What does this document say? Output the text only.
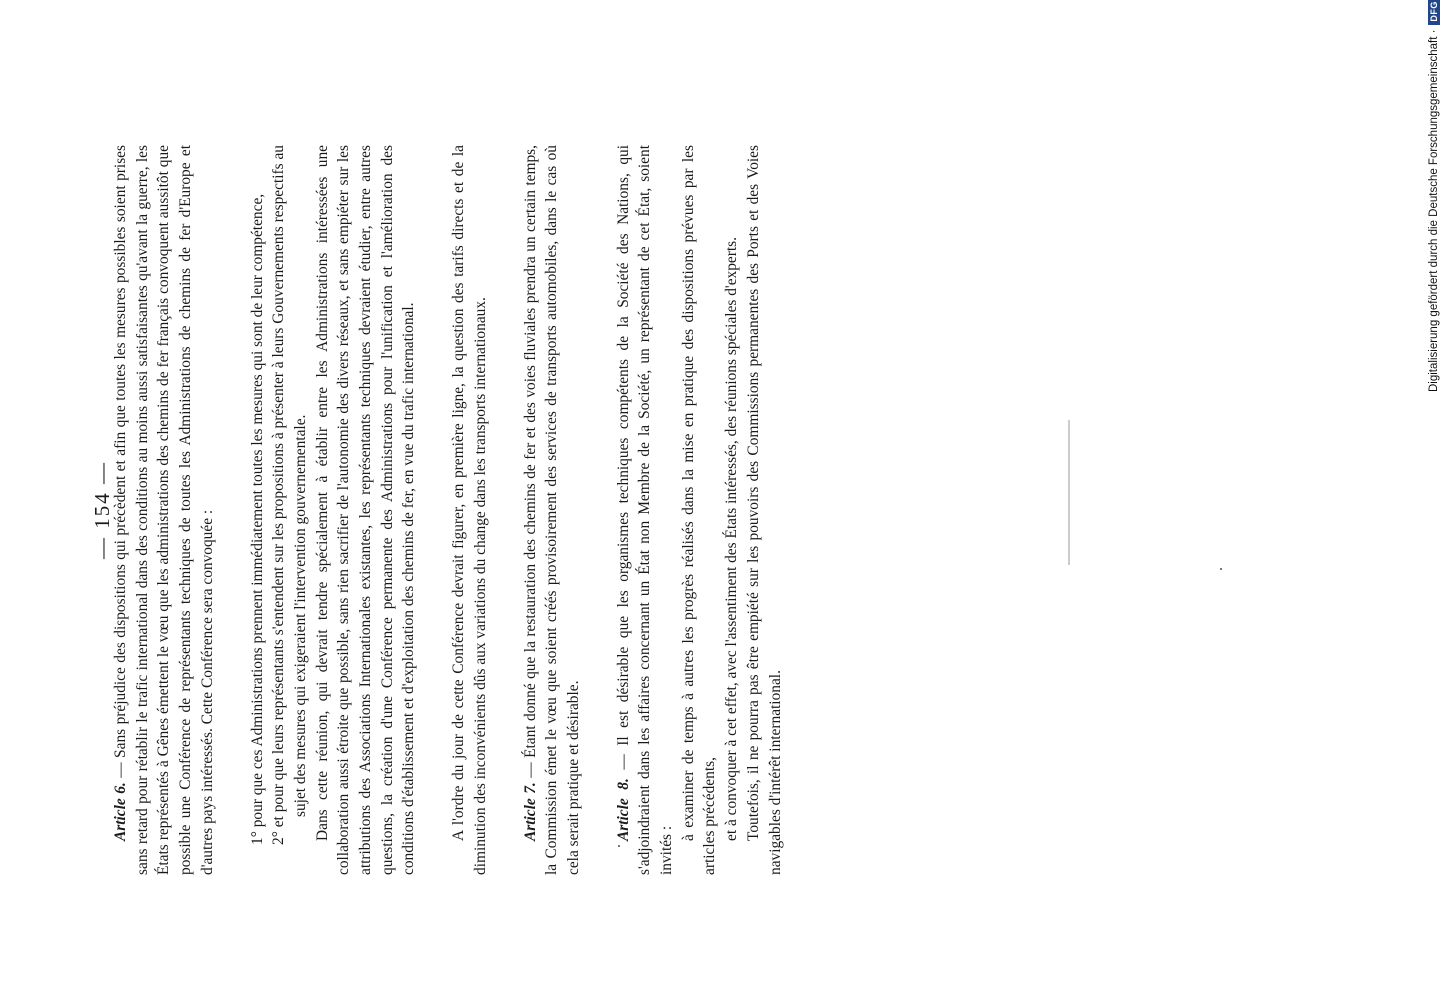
— 154 —

Article 6. — Sans préjudice des dispositions qui précèdent et afin que toutes les mesures possibles soient prises sans retard pour rétablir le trafic international dans des conditions au moins aussi satisfaisantes qu'avant la guerre, les États représentés à Gênes émettent le vœu que les administrations des chemins de fer français convoquent aussitôt que possible une Conférence de représentants techniques de toutes les Administrations de chemins de fer d'Europe et d'autres pays intéressés. Cette Conférence sera convoquée : 1° pour que ces Administrations prennent immédiatement toutes les mesures qui sont de leur compétence, 2° et pour que leurs représentants s'entendent sur les propositions à présenter à leurs Gouvernements respectifs au sujet des mesures qui exigeraient l'intervention gouvernementale. Dans cette réunion, qui devrait tendre spécialement à établir entre les Administrations intéressées une collaboration aussi étroite que possible, sans rien sacrifier de l'autonomie des divers réseaux, et sans empiéter sur les attributions des Associations Internationales existantes, les représentants techniques devraient étudier, entre autres questions, la création d'une Conférence permanente des Administrations pour l'unification et l'amélioration des conditions d'établissement et d'exploitation des chemins de fer, en vue du trafic international. A l'ordre du jour de cette Conférence devrait figurer, en première ligne, la question des tarifs directs et de la diminution des inconvénients dûs aux variations du change dans les transports internationaux. Article 7. — Étant donné que la restauration des chemins de fer et des voies fluviales prendra un certain temps, la Commission émet le vœu que soient créés provisoirement des services de transports automobiles, dans le cas où cela serait pratique et désirable. Article 8. — Il est désirable que les organismes techniques compétents de la Société des Nations, qui s'adjoindraient dans les affaires concernant un État non Membre de la Société, un représentant de cet État, soient invités :

à examiner de temps à autres les progrès réalisés dans la mise en pratique des dispositions prévues par les articles précédents, et à convoquer à cet effet, avec l'assentiment des États intéressés, des réunions spéciales d'experts. Toutefois, il ne pourra pas être empiété sur les pouvoirs des Commissions permanentes des Ports et des Voies navigables d'intérêt international.

Digitalisierung gefördert durch die Deutsche Forschungsgemeinschaft ·
DFG
